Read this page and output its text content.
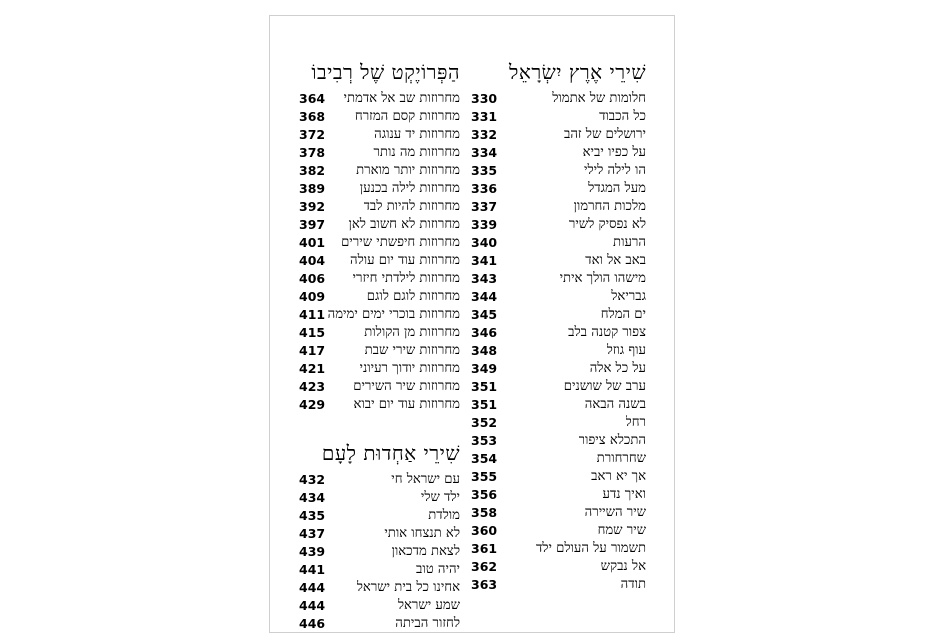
שִׁירֵי אֶרֶץ יִשְׂרָאֵל
חלומות של אתמול
330
כל הכבוד
331
ירושלים של זהב
332
על כפיו יביא
334
הו לילה לילי
335
מעל המגדל
336
מלכות החרמון
337
לא נפסיק לשיר
339
הרעות
340
באב אל ואד
341
מישהו הולך איתי
343
גבריאל
344
ים המלח
345
צפור קטנה בלב
346
עוף גוזל
348
על כל אלה
349
ערב של שושנים
351
בשנה הבאה
351
רחל
352
התכלא ציפור
353
שחרחורת
354
אך יא ראב
355
ואיך נדע
356
שיר השיירה
358
שיר שמח
360
תשמור על העולם ילד
361
אל נבקש
362
תודה
363
הַפְּרוֹיֶקְט שֶׁל רְבִיבוֹ
מחרוזות שב אל אדמתי
364
מחרוזות קסם המזרח
368
מחרוזות יד ענוגה
372
מחרוזות מה נותר
378
מחרוזות יותר מוארת
382
מחרוזות לילה בכנען
389
מחרוזות להיות לבד
392
מחרוזות לא חשוב לאן
397
מחרוזות חיפשתי שירים
401
מחרוזות עוד יום עולה
404
מחרוזות לילדתי חיזרי
406
מחרוזות לוגם לוגם
409
מחרוזות בוכרי ימים ימימה
411
מחרוזות מן הקולות
415
מחרוזות שירי שבת
417
מחרוזות יודוך רעיוני
421
מחרוזות שיר השירים
423
מחרוזות עוד יום יבוא
429
שִׁירֵי אַחְדוּת לָעָם
עם ישראל חי
432
ילד שלי
434
מולדת
435
לא תנצחו אותי
437
לצאת מדכאון
439
יהיה טוב
441
אחינו כל בית ישראל
444
שמע ישראל
444
לחזור הביתה
446
